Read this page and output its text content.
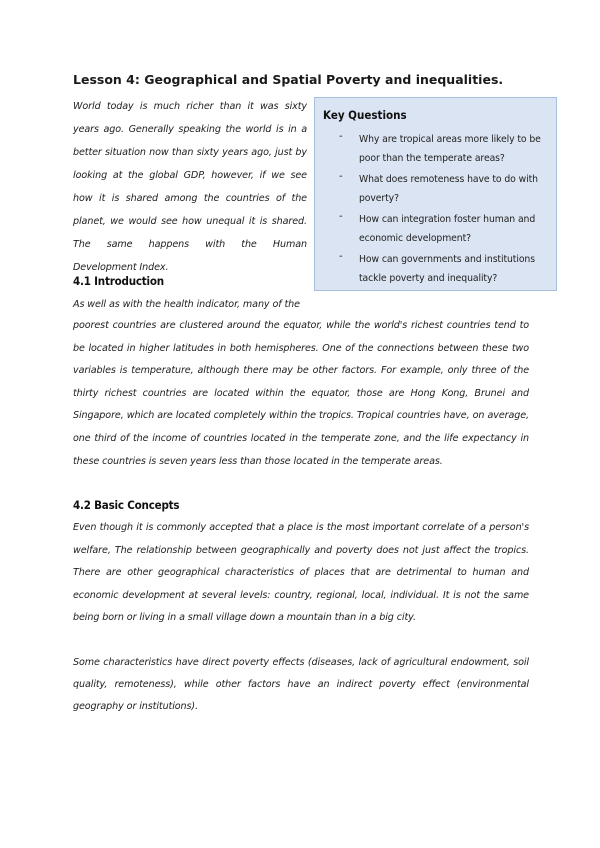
Lesson 4: Geographical and Spatial Poverty and inequalities.

World today is much richer than it was sixty years ago. Generally speaking the world is in a better situation now than sixty years ago, just by looking at the global GDP, however, if we see how it is shared among the countries of the planet, we would see how unequal it is shared. The same happens with the Human Development Index.

Key Questions
- Why are tropical areas more likely to be poor than the temperate areas?
- What does remoteness have to do with poverty?
- How can integration foster human and economic development?
- How can governments and institutions tackle poverty and inequality?
4.1 Introduction

As well as with the health indicator, many of the

poorest countries are clustered around the equator, while the world's richest countries tend to be located in higher latitudes in both hemispheres. One of the connections between these two variables is temperature, although there may be other factors. For example, only three of the thirty richest countries are located within the equator, those are Hong Kong, Brunei and Singapore, which are located completely within the tropics. Tropical countries have, on average, one third of the income of countries located in the temperate zone, and the life expectancy in these countries is seven years less than those located in the temperate areas.

4.2 Basic Concepts

Even though it is commonly accepted that a place is the most important correlate of a person's welfare, The relationship between geographically and poverty does not just affect the tropics. There are other geographical characteristics of places that are detrimental to human and economic development at several levels: country, regional, local, individual. It is not the same being born or living in a small village down a mountain than in a big city.

Some characteristics have direct poverty effects (diseases, lack of agricultural endowment, soil quality, remoteness), while other factors have an indirect poverty effect (environmental geography or institutions).
